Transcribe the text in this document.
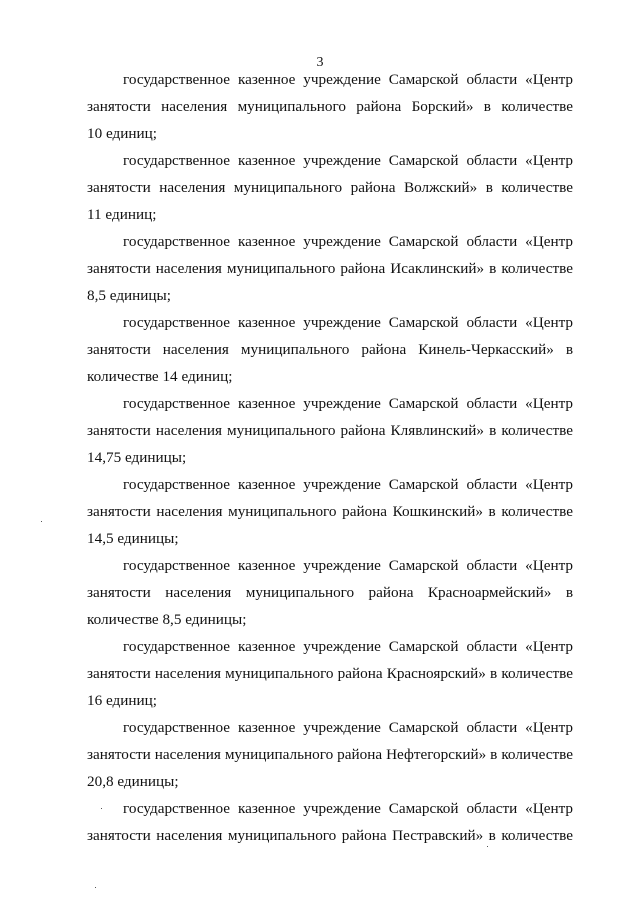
3

государственное казенное учреждение Самарской области «Центр
занятости населения муниципального района Борский» в количестве
10 единиц;

государственное казенное учреждение Самарской области «Центр
занятости населения муниципального района Волжский» в количестве
11 единиц;

государственное казенное учреждение Самарской области «Центр
занятости населения муниципального района Исаклинский» в количестве
8,5 единицы;

государственное казенное учреждение Самарской области «Центр
занятости населения муниципального района Кинель-Черкасский» в
количестве 14 единиц;

государственное казенное учреждение Самарской области «Центр
занятости населения муниципального района Клявлинский» в количестве
14,75 единицы;

государственное казенное учреждение Самарской области «Центр
занятости населения муниципального района Кошкинский» в количестве
14,5 единицы;

государственное казенное учреждение Самарской области «Центр
занятости населения муниципального района Красноармейский» в
количестве 8,5 единицы;

государственное казенное учреждение Самарской области «Центр
занятости населения муниципального района Красноярский» в количестве
16 единиц;

государственное казенное учреждение Самарской области «Центр
занятости населения муниципального района Нефтегорский» в количестве
20,8 единицы;

государственное казенное учреждение Самарской области «Центр
занятости населения муниципального района Пестравский» в количестве
